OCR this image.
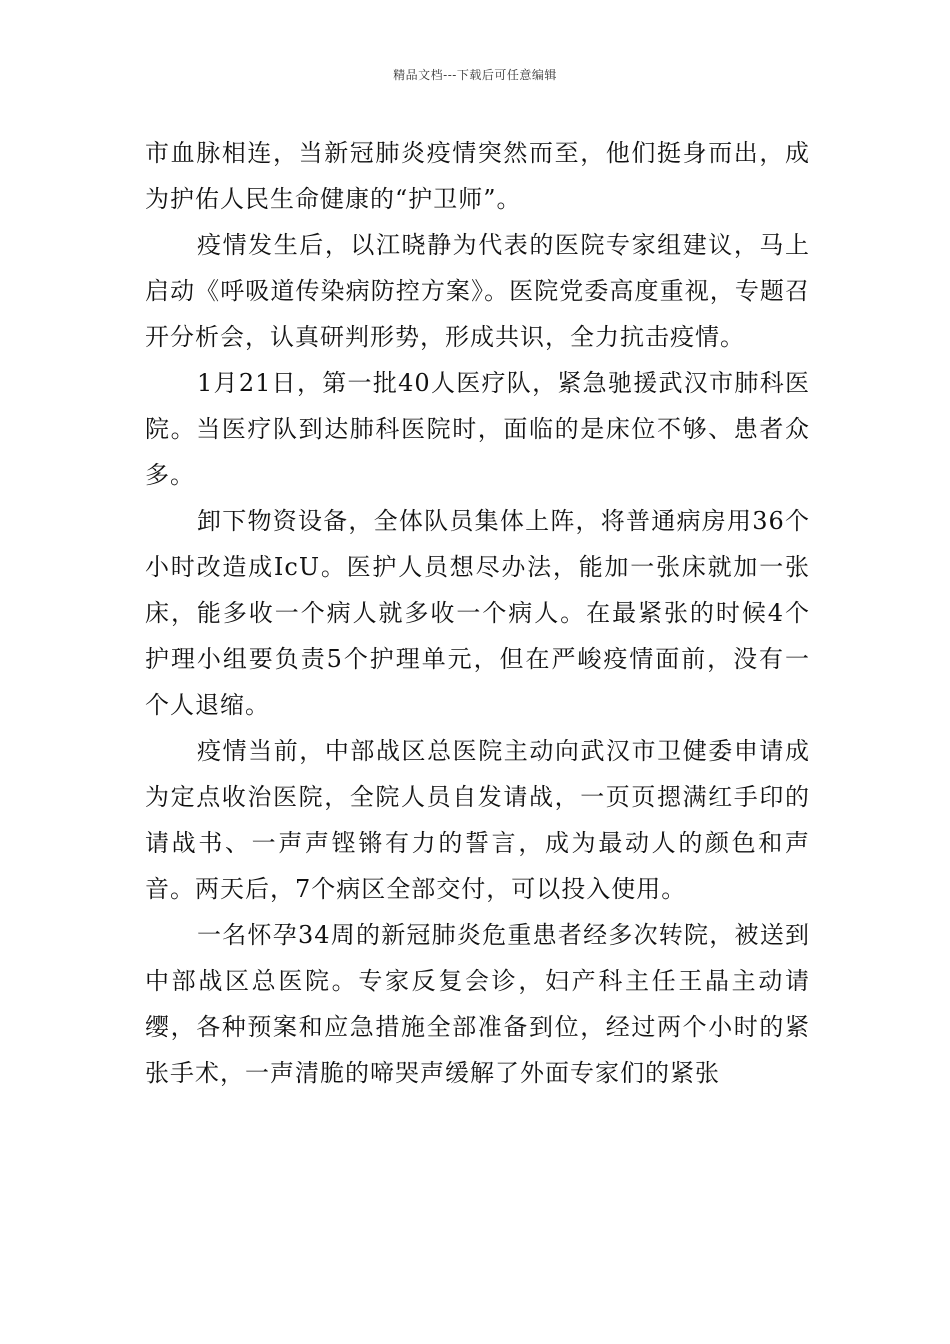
精品文档---下载后可任意编辑

市血脉相连，当新冠肺炎疫情突然而至，他们挺身而出，成为护佑人民生命健康的“护卫师”。

疫情发生后，以江晓静为代表的医院专家组建议，马上启动《呼吸道传染病防控方案》。医院党委高度重视，专题召开分析会，认真研判形势，形成共识，全力抗击疫情。

1月21日，第一批40人医疗队，紧急驰援武汉市肺科医院。当医疗队到达肺科医院时，面临的是床位不够、患者众多。

卸下物资设备，全体队员集体上阵，将普通病房用36个小时改造成IcU。医护人员想尽办法，能加一张床就加一张床，能多收一个病人就多收一个病人。在最紧张的时候4个护理小组要负责5个护理单元，但在严峻疫情面前，没有一个人退缩。

疫情当前，中部战区总医院主动向武汉市卫健委申请成为定点收治医院，全院人员自发请战，一页页摁满红手印的请战书、一声声铿锵有力的誓言，成为最动人的颜色和声音。两天后，7个病区全部交付，可以投入使用。

一名怀孕34周的新冠肺炎危重患者经多次转院，被送到中部战区总医院。专家反复会诊，妇产科主任王晶主动请缨，各种预案和应急措施全部准备到位，经过两个小时的紧张手术，一声清脆的啼哭声缓解了外面专家们的紧张
